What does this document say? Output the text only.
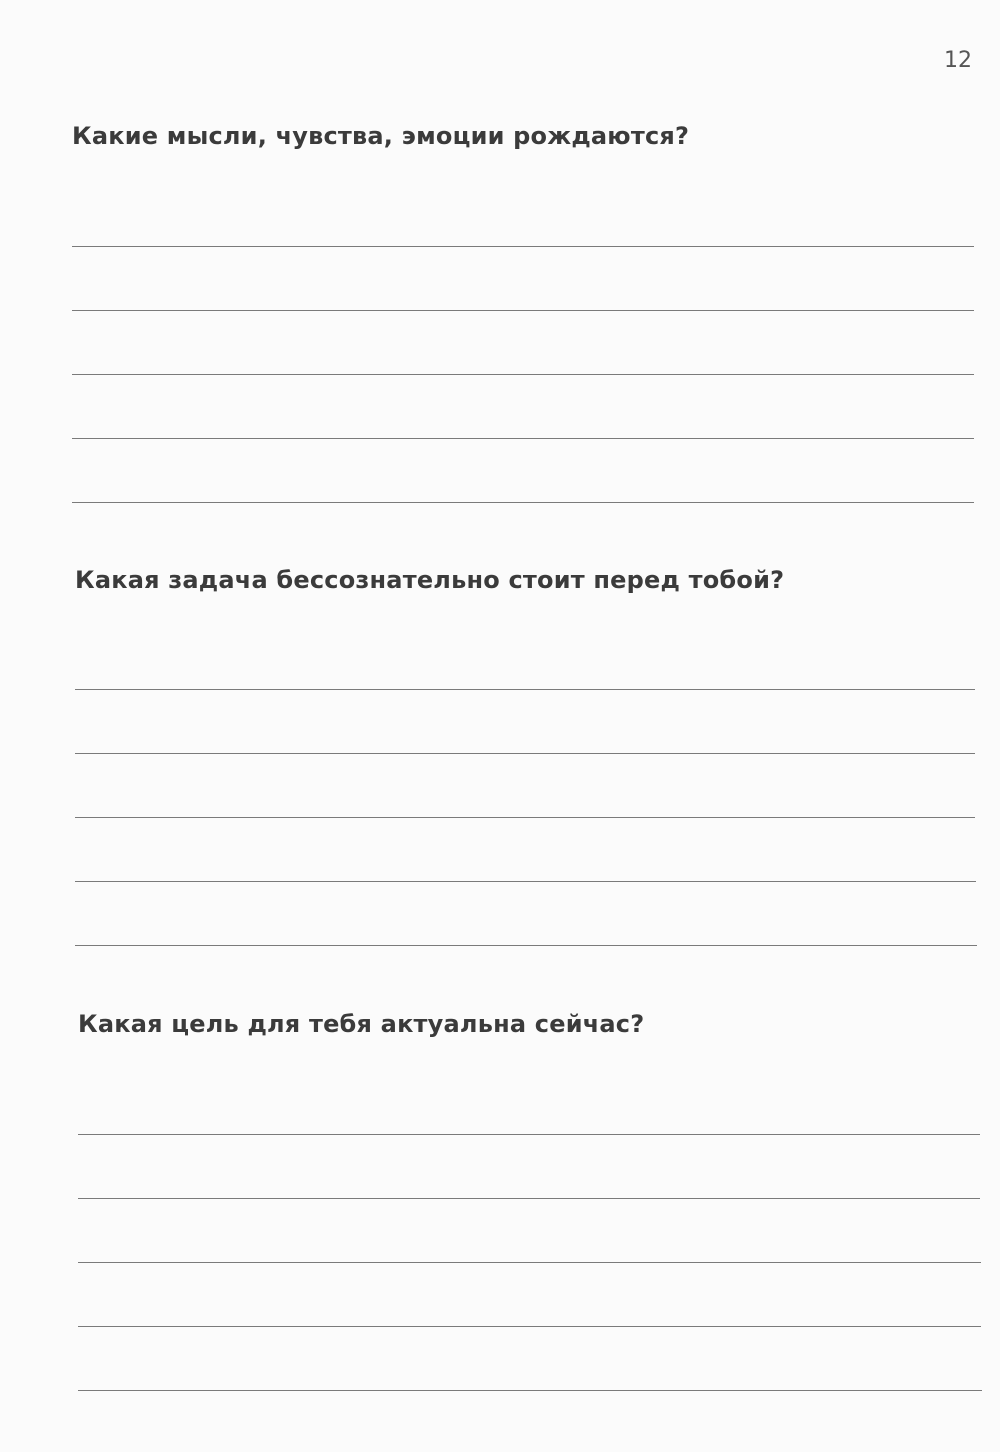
12
Какие мысли, чувства, эмоции рождаются?
Какая задача бессознательно стоит перед тобой?
Какая цель для тебя актуальна сейчас?
